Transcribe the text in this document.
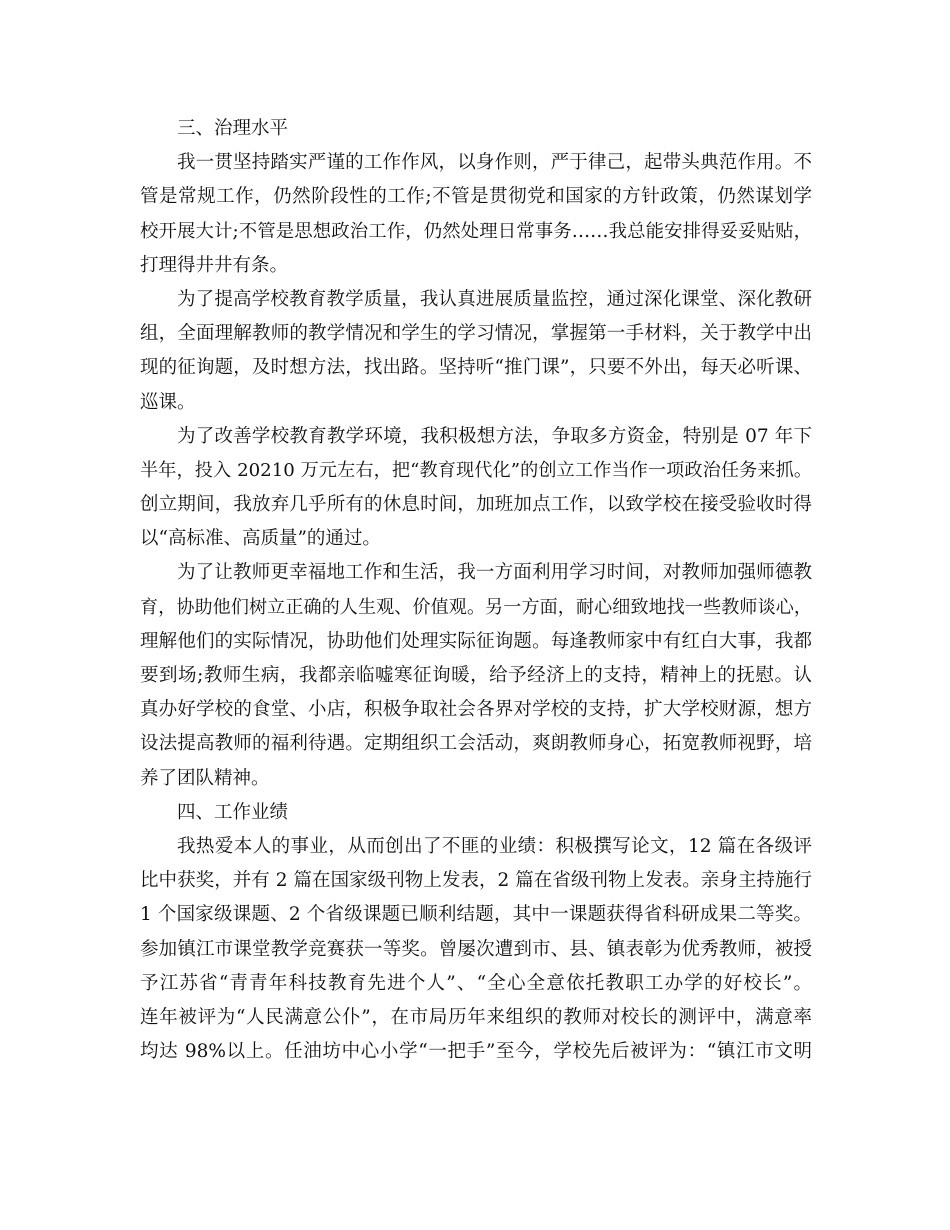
三、治理水平
我一贯坚持踏实严谨的工作作风，以身作则，严于律己，起带头典范作用。不
管是常规工作，仍然阶段性的工作;不管是贯彻党和国家的方针政策，仍然谋划学
校开展大计;不管是思想政治工作，仍然处理日常事务……我总能安排得妥妥贴贴，
打理得井井有条。
为了提高学校教育教学质量，我认真进展质量监控，通过深化课堂、深化教研
组，全面理解教师的教学情况和学生的学习情况，掌握第一手材料，关于教学中出
现的征询题，及时想方法，找出路。坚持听“推门课”，只要不外出，每天必听课、
巡课。
为了改善学校教育教学环境，我积极想方法，争取多方资金，特别是 07 年下
半年，投入 20210 万元左右，把“教育现代化”的创立工作当作一项政治任务来抓。
创立期间，我放弃几乎所有的休息时间，加班加点工作，以致学校在接受验收时得
以“高标准、高质量”的通过。
为了让教师更幸福地工作和生活，我一方面利用学习时间，对教师加强师德教
育，协助他们树立正确的人生观、价值观。另一方面，耐心细致地找一些教师谈心，
理解他们的实际情况，协助他们处理实际征询题。每逢教师家中有红白大事，我都
要到场;教师生病，我都亲临嘘寒征询暖，给予经济上的支持，精神上的抚慰。认
真办好学校的食堂、小店，积极争取社会各界对学校的支持，扩大学校财源，想方
设法提高教师的福利待遇。定期组织工会活动，爽朗教师身心，拓宽教师视野，培
养了团队精神。
四、工作业绩
我热爱本人的事业，从而创出了不匪的业绩：积极撰写论文，12 篇在各级评
比中获奖，并有 2 篇在国家级刊物上发表，2 篇在省级刊物上发表。亲身主持施行
1 个国家级课题、2 个省级课题已顺利结题，其中一课题获得省科研成果二等奖。
参加镇江市课堂教学竞赛获一等奖。曾屡次遭到市、县、镇表彰为优秀教师，被授
予江苏省“青青年科技教育先进个人”、“全心全意依托教职工办学的好校长”。
连年被评为“人民满意公仆”，在市局历年来组织的教师对校长的测评中，满意率
均达 98%以上。任油坊中心小学“一把手”至今，学校先后被评为：“镇江市文明
